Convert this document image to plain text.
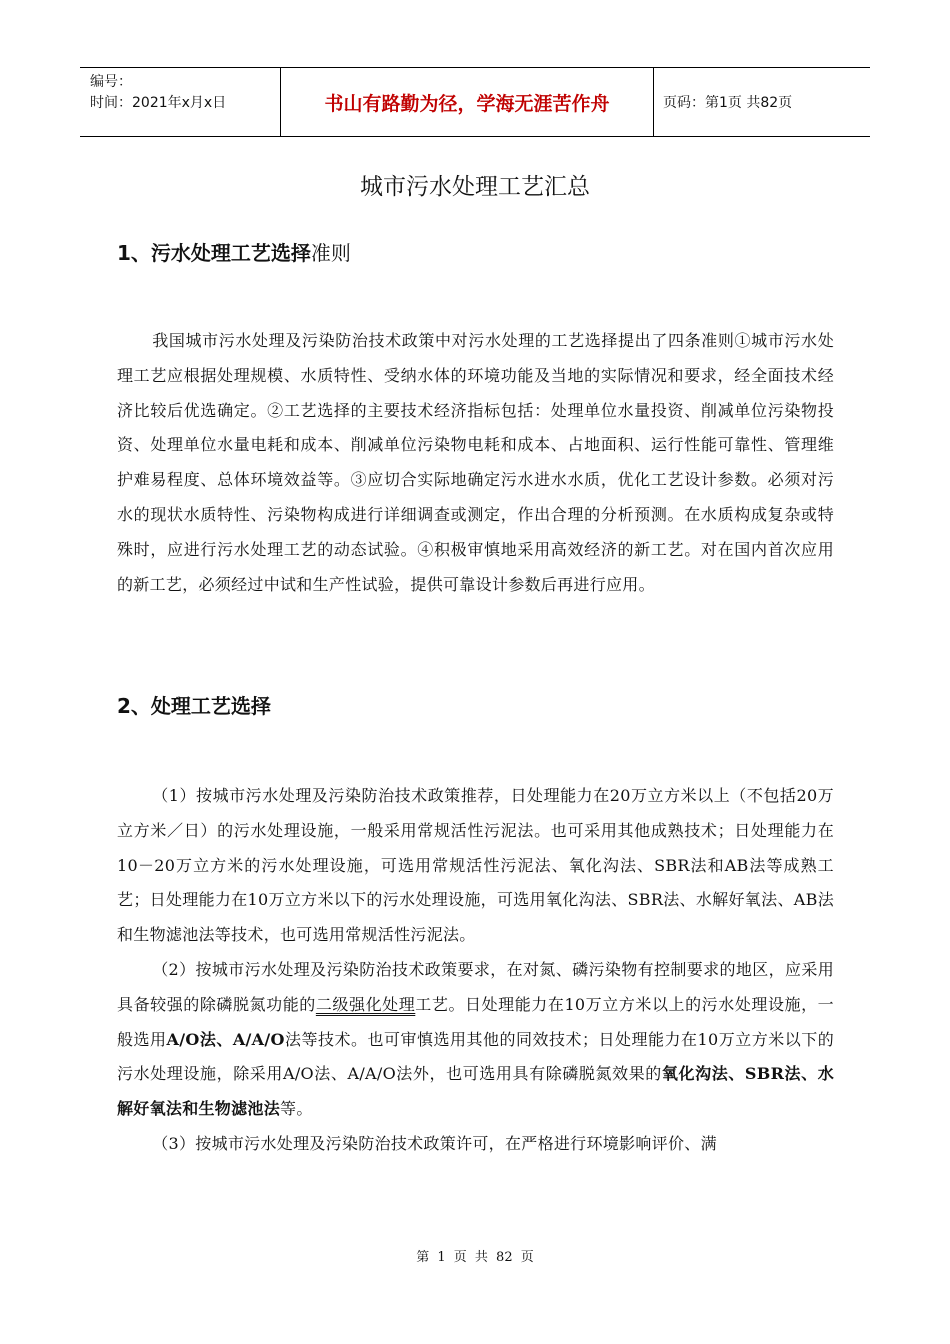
编号：
时间：2021年x月x日	书山有路勤为径，学海无涯苦作舟	页码：第1页 共82页
城市污水处理工艺汇总
1、污水处理工艺选择准则

我国城市污水处理及污染防治技术政策中对污水处理的工艺选择提出了四条准则①城市污水处理工艺应根据处理规模、水质特性、受纳水体的环境功能及当地的实际情况和要求，经全面技术经济比较后优选确定。②工艺选择的主要技术经济指标包括：处理单位水量投资、削减单位污染物投资、处理单位水量电耗和成本、削减单位污染物电耗和成本、占地面积、运行性能可靠性、管理维护难易程度、总体环境效益等。③应切合实际地确定污水进水水质，优化工艺设计参数。必须对污水的现状水质特性、污染物构成进行详细调查或测定，作出合理的分析预测。在水质构成复杂或特殊时，应进行污水处理工艺的动态试验。④积极审慎地采用高效经济的新工艺。对在国内首次应用的新工艺，必须经过中试和生产性试验，提供可靠设计参数后再进行应用。

2、处理工艺选择

（1）按城市污水处理及污染防治技术政策推荐，日处理能力在20万立方米以上（不包括20万立方米／日）的污水处理设施，一般采用常规活性污泥法。也可采用其他成熟技术；日处理能力在10－20万立方米的污水处理设施，可选用常规活性污泥法、氧化沟法、SBR法和AB法等成熟工艺；日处理能力在10万立方米以下的污水处理设施，可选用氧化沟法、SBR法、水解好氧法、AB法和生物滤池法等技术，也可选用常规活性污泥法。

（2）按城市污水处理及污染防治技术政策要求，在对氮、磷污染物有控制要求的地区，应采用具备较强的除磷脱氮功能的二级强化处理工艺。日处理能力在10万立方米以上的污水处理设施，一般选用A/O法、A/A/O法等技术。也可审慎选用其他的同效技术；日处理能力在10万立方米以下的污水处理设施，除采用A/O法、A/A/O法外，也可选用具有除磷脱氮效果的氧化沟法、SBR法、水解好氧法和生物滤池法等。

（3）按城市污水处理及污染防治技术政策许可，在严格进行环境影响评价、满

第 1 页 共 82 页
